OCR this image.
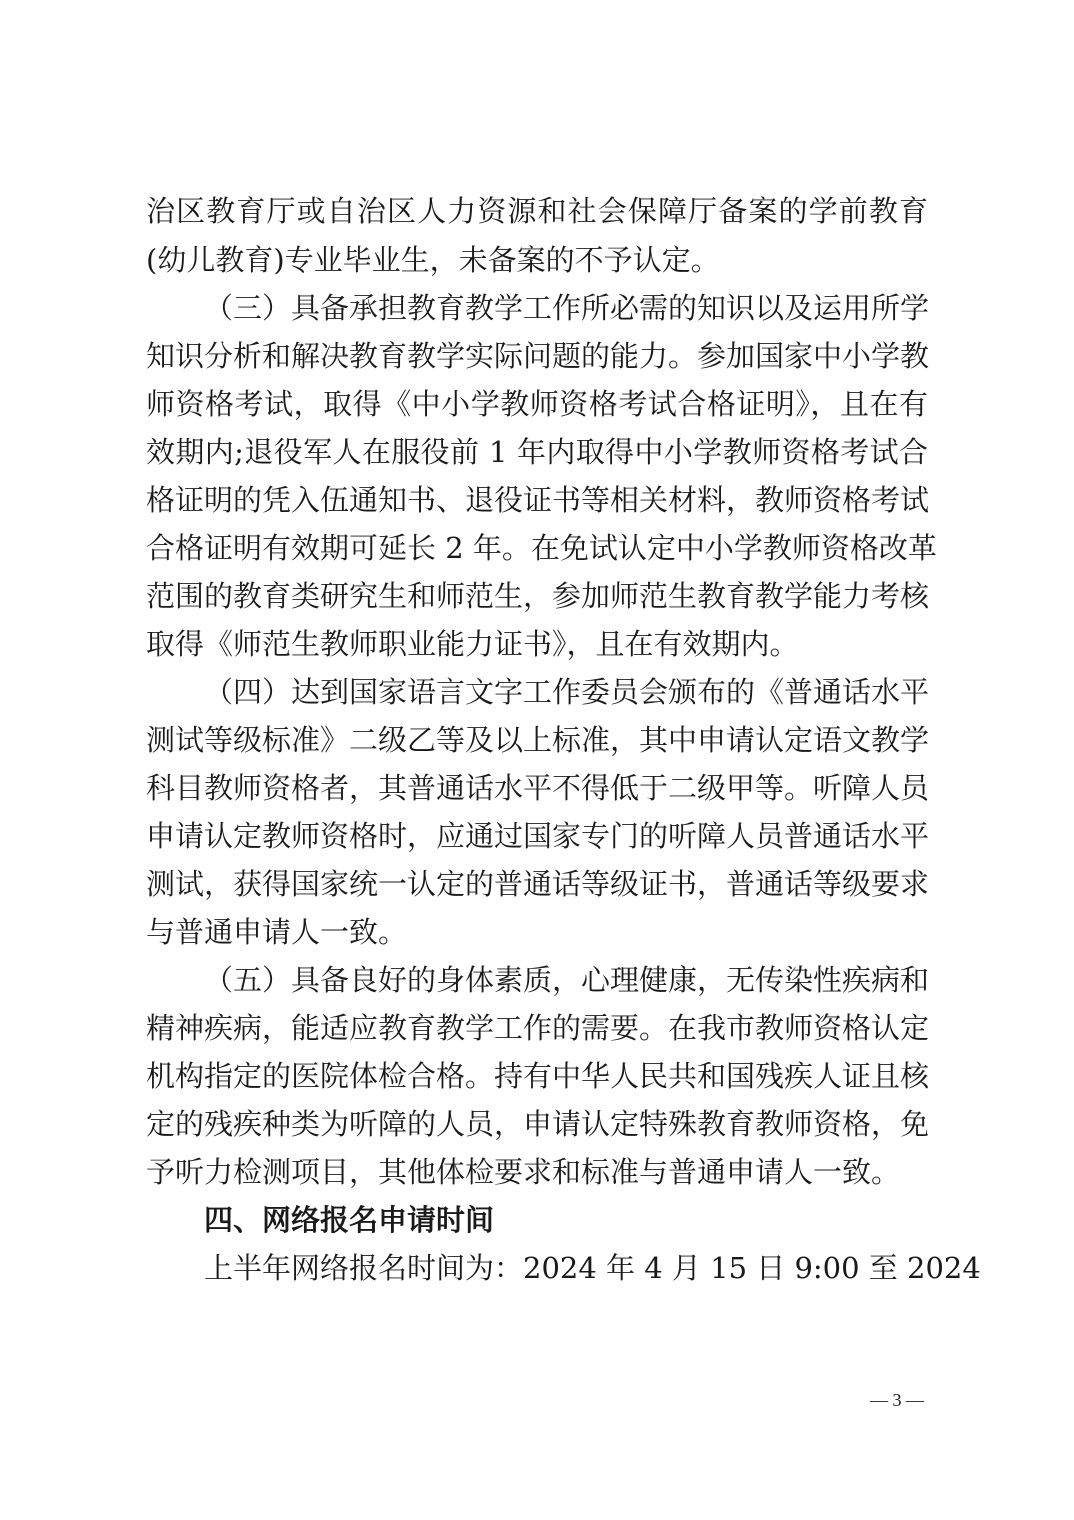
治区教育厅或自治区人力资源和社会保障厅备案的学前教育
(幼儿教育)专业毕业生，未备案的不予认定。
（三）具备承担教育教学工作所必需的知识以及运用所学
知识分析和解决教育教学实际问题的能力。参加国家中小学教
师资格考试，取得《中小学教师资格考试合格证明》，且在有
效期内;退役军人在服役前 1 年内取得中小学教师资格考试合
格证明的凭入伍通知书、退役证书等相关材料，教师资格考试
合格证明有效期可延长 2 年。在免试认定中小学教师资格改革
范围的教育类研究生和师范生，参加师范生教育教学能力考核
取得《师范生教师职业能力证书》，且在有效期内。
（四）达到国家语言文字工作委员会颁布的《普通话水平
测试等级标准》二级乙等及以上标准，其中申请认定语文教学
科目教师资格者，其普通话水平不得低于二级甲等。听障人员
申请认定教师资格时，应通过国家专门的听障人员普通话水平
测试，获得国家统一认定的普通话等级证书，普通话等级要求
与普通申请人一致。
（五）具备良好的身体素质，心理健康，无传染性疾病和
精神疾病，能适应教育教学工作的需要。在我市教师资格认定
机构指定的医院体检合格。持有中华人民共和国残疾人证且核
定的残疾种类为听障的人员，申请认定特殊教育教师资格，免
予听力检测项目，其他体检要求和标准与普通申请人一致。
四、网络报名申请时间
上半年网络报名时间为：2024 年 4 月 15 日 9:00 至 2024
— 3 —
